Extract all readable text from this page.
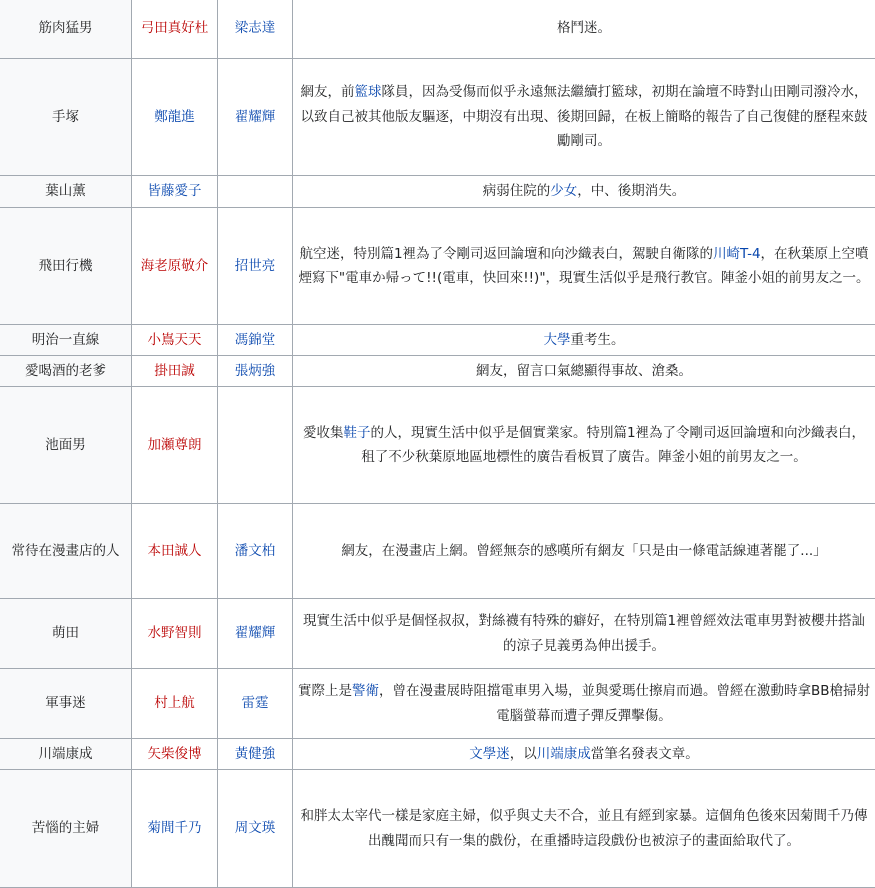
筋肉猛男	弓田真好杜	梁志達	格鬥迷。
手塚	鄭龍進	翟耀輝	網友，前籃球隊員，因為受傷而似乎永遠無法繼續打籃球，初期在論壇不時對山田剛司潑冷水，以致自己被其他版友驅逐，中期沒有出現、後期回歸，在板上簡略的報告了自己復健的歷程來鼓勵剛司。
葉山薰	皆藤愛子		病弱住院的少女，中、後期消失。
飛田行機	海老原敬介	招世亮	航空迷，特別篇1裡為了令剛司返回論壇和向沙織表白，駕駛自衛隊的川崎T-4，在秋葉原上空噴煙寫下"電車か帰って!!(電車，快回來!!)"，現實生活似乎是飛行教官。陣釜小姐的前男友之一。
明治一直線	小嶌天天	馮錦堂	大學重考生。
愛喝酒的老爹	掛田誠	張炳強	網友，留言口氣總顯得事故、滄桑。
池面男	加瀬尊朗		愛收集鞋子的人，現實生活中似乎是個實業家。特別篇1裡為了令剛司返回論壇和向沙織表白，租了不少秋葉原地區地標性的廣告看板買了廣告。陣釜小姐的前男友之一。
常待在漫畫店的人	本田誠人	潘文柏	網友，在漫畫店上網。曾經無奈的感嘆所有網友「只是由一條電話線連著罷了...」
萌田	水野智則	翟耀輝	現實生活中似乎是個怪叔叔，對絲襪有特殊的癖好，在特別篇1裡曾經效法電車男對被櫻井搭訕的涼子見義勇為伸出援手。
軍事迷	村上航	雷霆	實際上是警衛，曾在漫畫展時阻擋電車男入場，並與愛瑪仕擦肩而過。曾經在激動時拿BB槍掃射電腦螢幕而遭子彈反彈擊傷。
川端康成	矢柴俊博	黃健強	文學迷，以川端康成當筆名發表文章。
苦惱的主婦	菊間千乃	周文瑛	和胖太太宰代一樣是家庭主婦，似乎與丈夫不合，並且有經到家暴。這個角色後來因菊間千乃傳出醜聞而只有一集的戲份，在重播時這段戲份也被涼子的畫面給取代了。
